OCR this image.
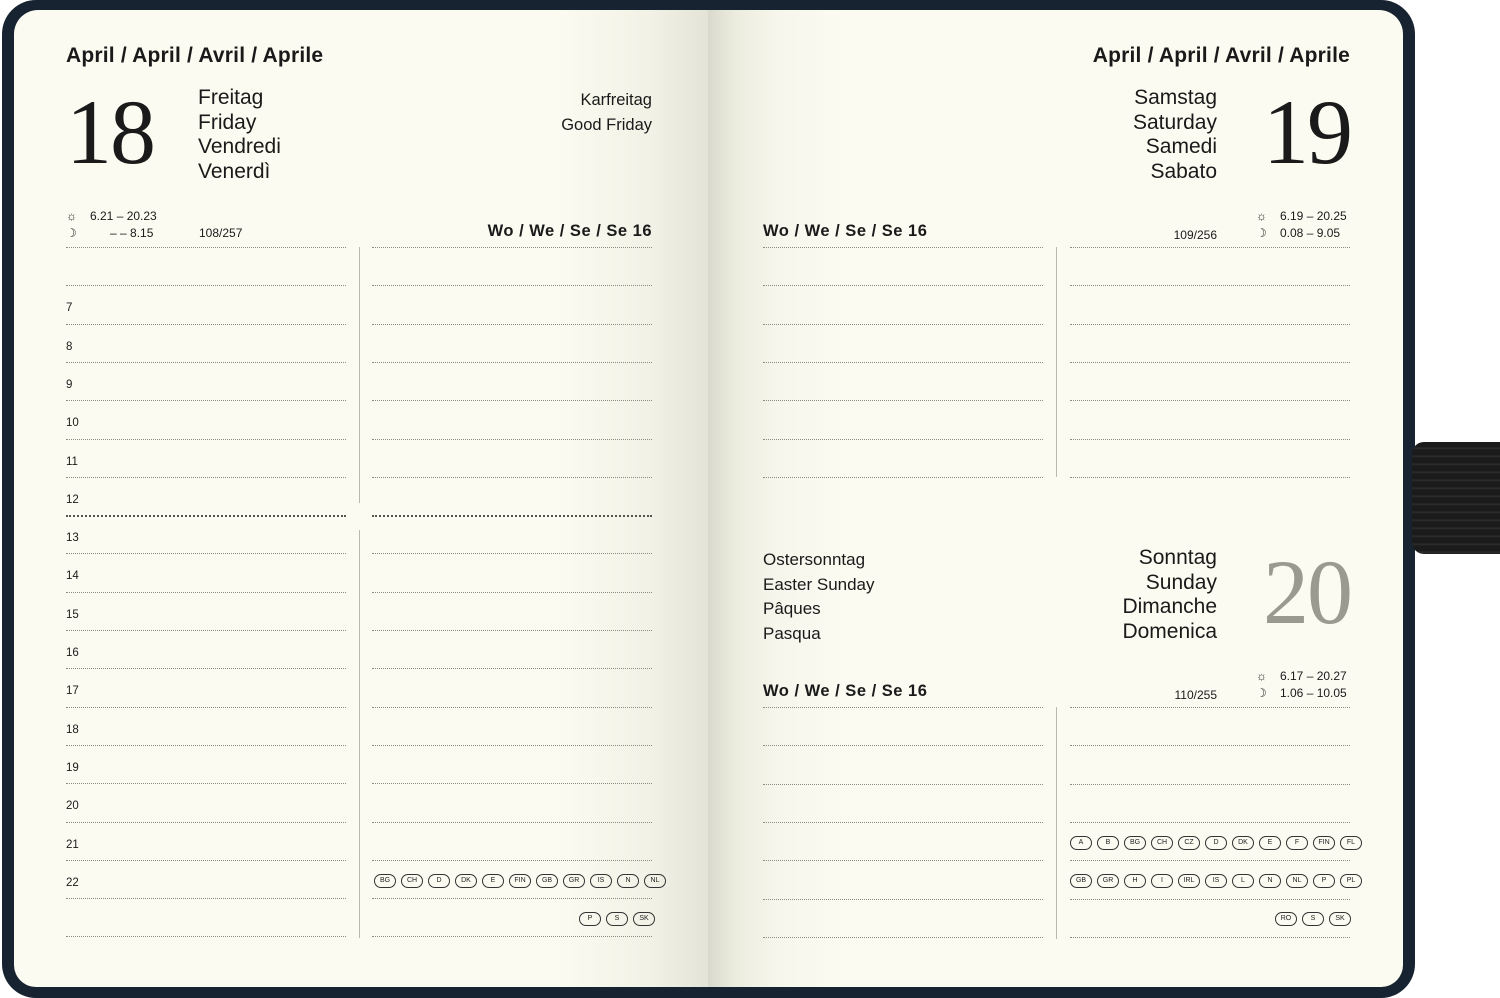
April / April / Avril / Aprile
18 Freitag
Friday
Vendredi
Venerdì
Karfreitag
Good Friday
☼ 6.21 – 20.23
☽	– – 8.15	108/257	Wo / We / Se / Se 16
7
8
9
10
11
12
13
14
15
16
17
18
19
20
21
22	BG	CH	D	DK	E	FIN	GB	GR	IS	N	NL
P	S	SK
April / April / Avril / Aprile
19
Samstag
Saturday
Samedi
Sabato
☼ 6.19 – 20.25
☽ 0.08 – 9.05
109/256
Wo / We / Se / Se 16
Ostersonntag
Easter Sunday
Pâques
Pasqua
Sonntag
Sunday
Dimanche
Domenica 20
☼ 6.17 – 20.27
☽ 1.06 – 10.05
110/255
Wo / We / Se / Se 16
A	B	BG	CH	CZ	D	DK	E	F	FIN	FL
GB	GR	H	I	IRL	IS	L	N	NL	P	PL
RO	S	SK
